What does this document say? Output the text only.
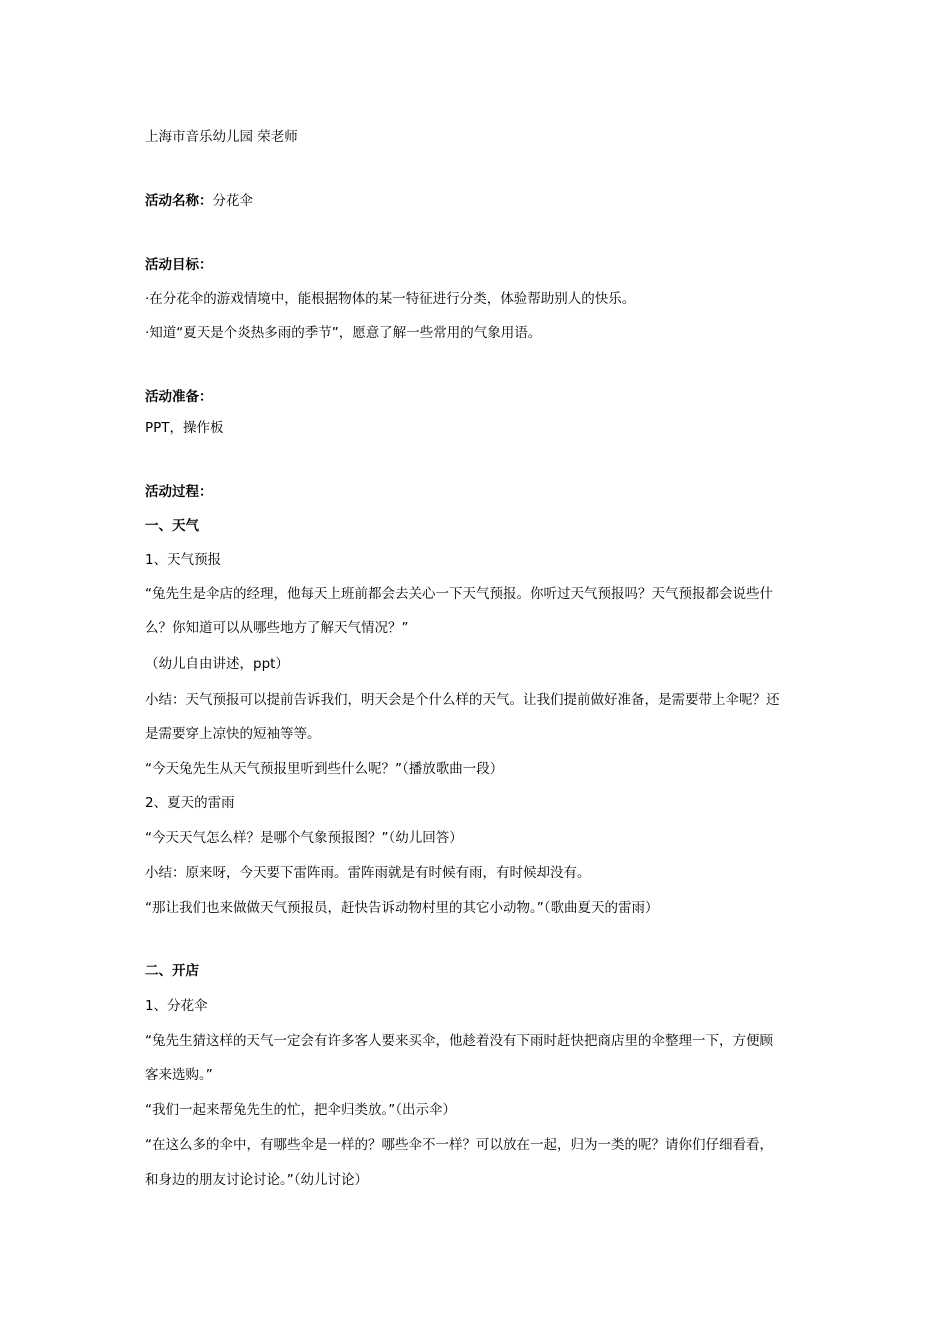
上海市音乐幼儿园 荣老师
活动名称：分花伞
活动目标：
·在分花伞的游戏情境中，能根据物体的某一特征进行分类，体验帮助别人的快乐。
·知道“夏天是个炎热多雨的季节”，愿意了解一些常用的气象用语。
活动准备：
PPT，操作板
活动过程：
一、天气
1、天气预报
“兔先生是伞店的经理，他每天上班前都会去关心一下天气预报。你听过天气预报吗？天气预报都会说些什
么？你知道可以从哪些地方了解天气情况？”
（幼儿自由讲述，ppt）
小结：天气预报可以提前告诉我们，明天会是个什么样的天气。让我们提前做好准备，是需要带上伞呢？还
是需要穿上凉快的短袖等等。
“今天兔先生从天气预报里听到些什么呢？”（播放歌曲一段）
2、夏天的雷雨
“今天天气怎么样？是哪个气象预报图？”（幼儿回答）
小结：原来呀，今天要下雷阵雨。雷阵雨就是有时候有雨，有时候却没有。
“那让我们也来做做天气预报员，赶快告诉动物村里的其它小动物。”（歌曲夏天的雷雨）
二、开店
1、分花伞
“兔先生猜这样的天气一定会有许多客人要来买伞，他趁着没有下雨时赶快把商店里的伞整理一下，方便顾
客来选购。”
“我们一起来帮兔先生的忙，把伞归类放。”（出示伞）
“在这么多的伞中，有哪些伞是一样的？哪些伞不一样？可以放在一起，归为一类的呢？请你们仔细看看，
和身边的朋友讨论讨论。”（幼儿讨论）
